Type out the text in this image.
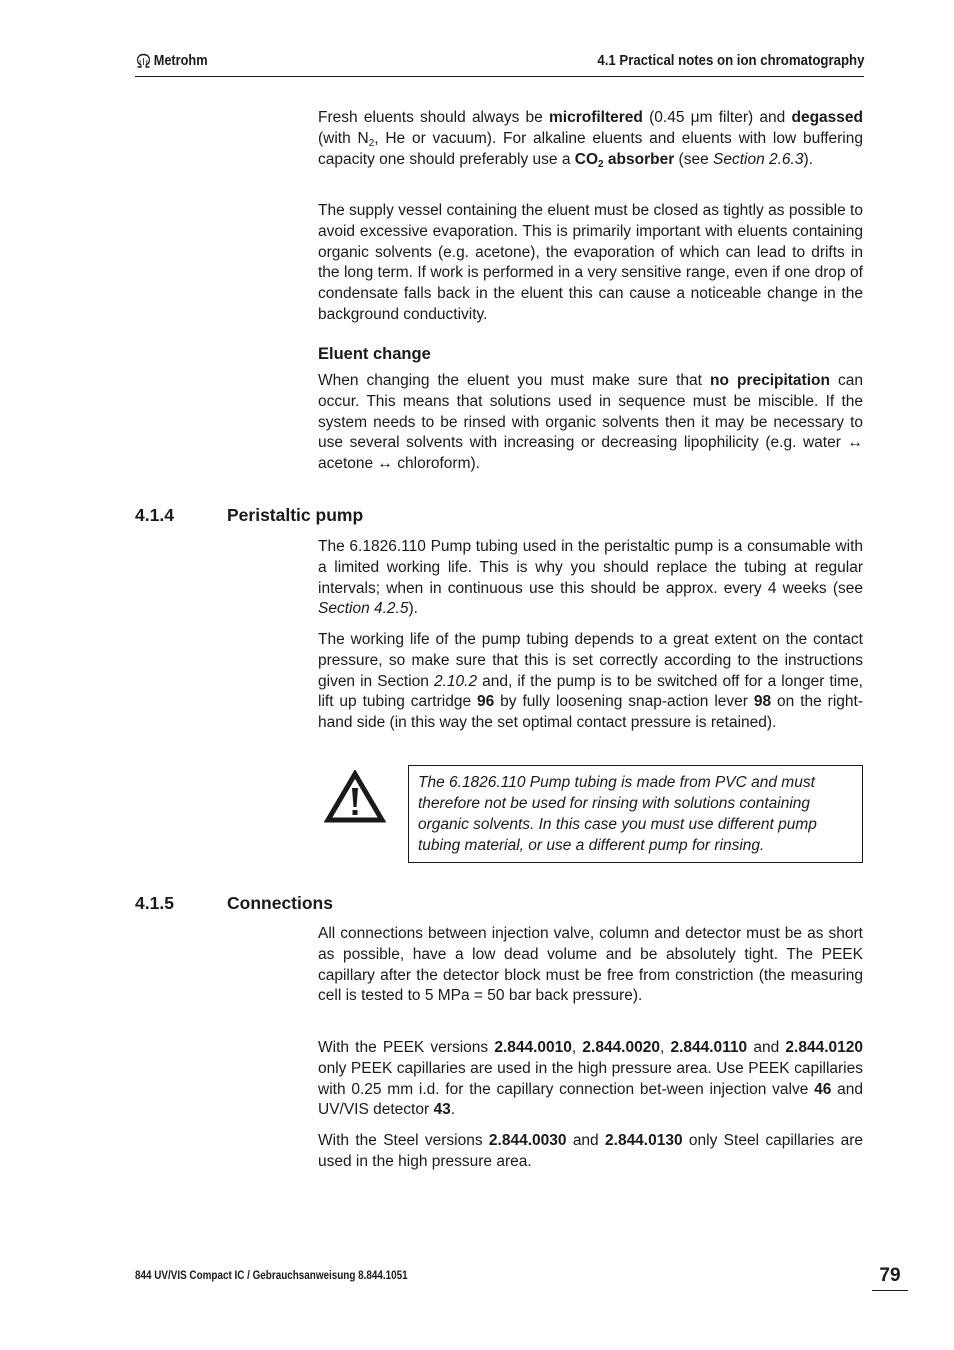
Metrohm	4.1 Practical notes on ion chromatography

Fresh eluents should always be microfiltered (0.45 μm filter) and degassed (with $N_2$, He or vacuum). For alkaline eluents and eluents with low buffering capacity one should preferably use a $CO_2$ absorber (see Section 2.6.3).

The supply vessel containing the eluent must be closed as tightly as possible to avoid excessive evaporation. This is primarily important with eluents containing organic solvents (e.g. acetone), the evaporation of which can lead to drifts in the long term. If work is performed in a very sensitive range, even if one drop of condensate falls back in the eluent this can cause a noticeable change in the background conductivity.

Eluent change

When changing the eluent you must make sure that no precipitation can occur. This means that solutions used in sequence must be miscible. If the system needs to be rinsed with organic solvents then it may be necessary to use several solvents with increasing or decreasing lipophilicity (e.g. water ↔ acetone ↔ chloroform).

4.1.4	Peristaltic pump

The 6.1826.110 Pump tubing used in the peristaltic pump is a consumable with a limited working life. This is why you should replace the tubing at regular intervals; when in continuous use this should be approx. every 4 weeks (see Section 4.2.5).

The working life of the pump tubing depends to a great extent on the contact pressure, so make sure that this is set correctly according to the instructions given in Section 2.10.2 and, if the pump is to be switched off for a longer time, lift up tubing cartridge 96 by fully loosening snap-action lever 98 on the right-hand side (in this way the set optimal contact pressure is retained).

The 6.1826.110 Pump tubing is made from PVC and must therefore not be used for rinsing with solutions containing organic solvents. In this case you must use different pump tubing material, or use a different pump for rinsing.
4.1.5	Connections

All connections between injection valve, column and detector must be as short as possible, have a low dead volume and be absolutely tight. The PEEK capillary after the detector block must be free from constriction (the measuring cell is tested to 5 MPa = 50 bar back pressure).

With the PEEK versions 2.844.0010, 2.844.0020, 2.844.0110 and 2.844.0120 only PEEK capillaries are used in the high pressure area. Use PEEK capillaries with 0.25 mm i.d. for the capillary connection bet-ween injection valve 46 and UV/VIS detector 43.

With the Steel versions 2.844.0030 and 2.844.0130 only Steel capillaries are used in the high pressure area.

844 UV/VIS Compact IC / Gebrauchsanweisung 8.844.1051	79
